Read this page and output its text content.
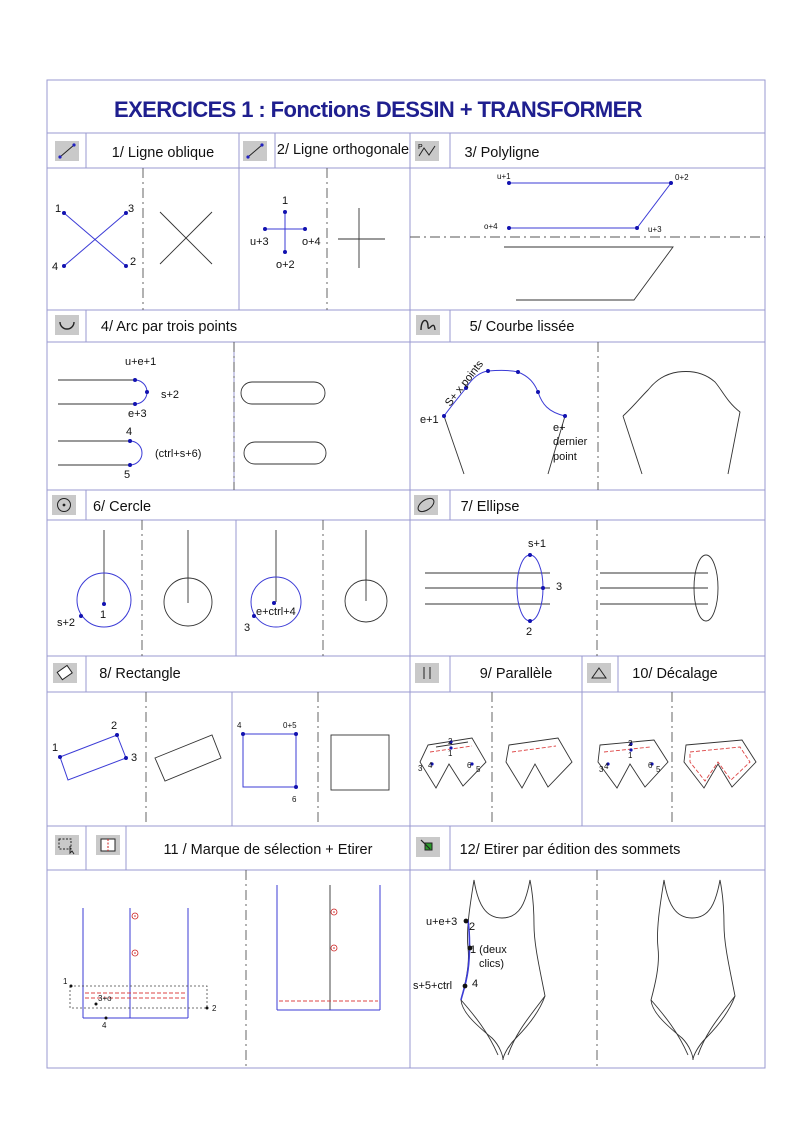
EXERCICES 1 : Fonctions DESSIN + TRANSFORMER
1/ Ligne oblique	2/ Ligne orthogonale	3/ Polyligne
4/ Arc par trois points	5/ Courbe lissée
6/ Cercle	7/ Ellipse
8/ Rectangle	9/ Parallèle	10/ Décalage
11 / Marque de sélection + Etirer	12/ Etirer par édition des sommets
P
1	3
4	2
1
u+3	o+4
o+2
u+1	0+2
o+4	u+3
u+e+1
s+2
e+3
4
(ctrl+s+6)
5
S+ x points
e+1
e+
dernier
point
1
s+2
e+ctrl+4
3
s+1
3
2
2
1
3
4	0+5
6
2
1
3 4	6 5
2
1
3 4	6 5
1
3+o
2
4
u+e+3 2
1 (deux
clics)
s+5+ctrl 4
